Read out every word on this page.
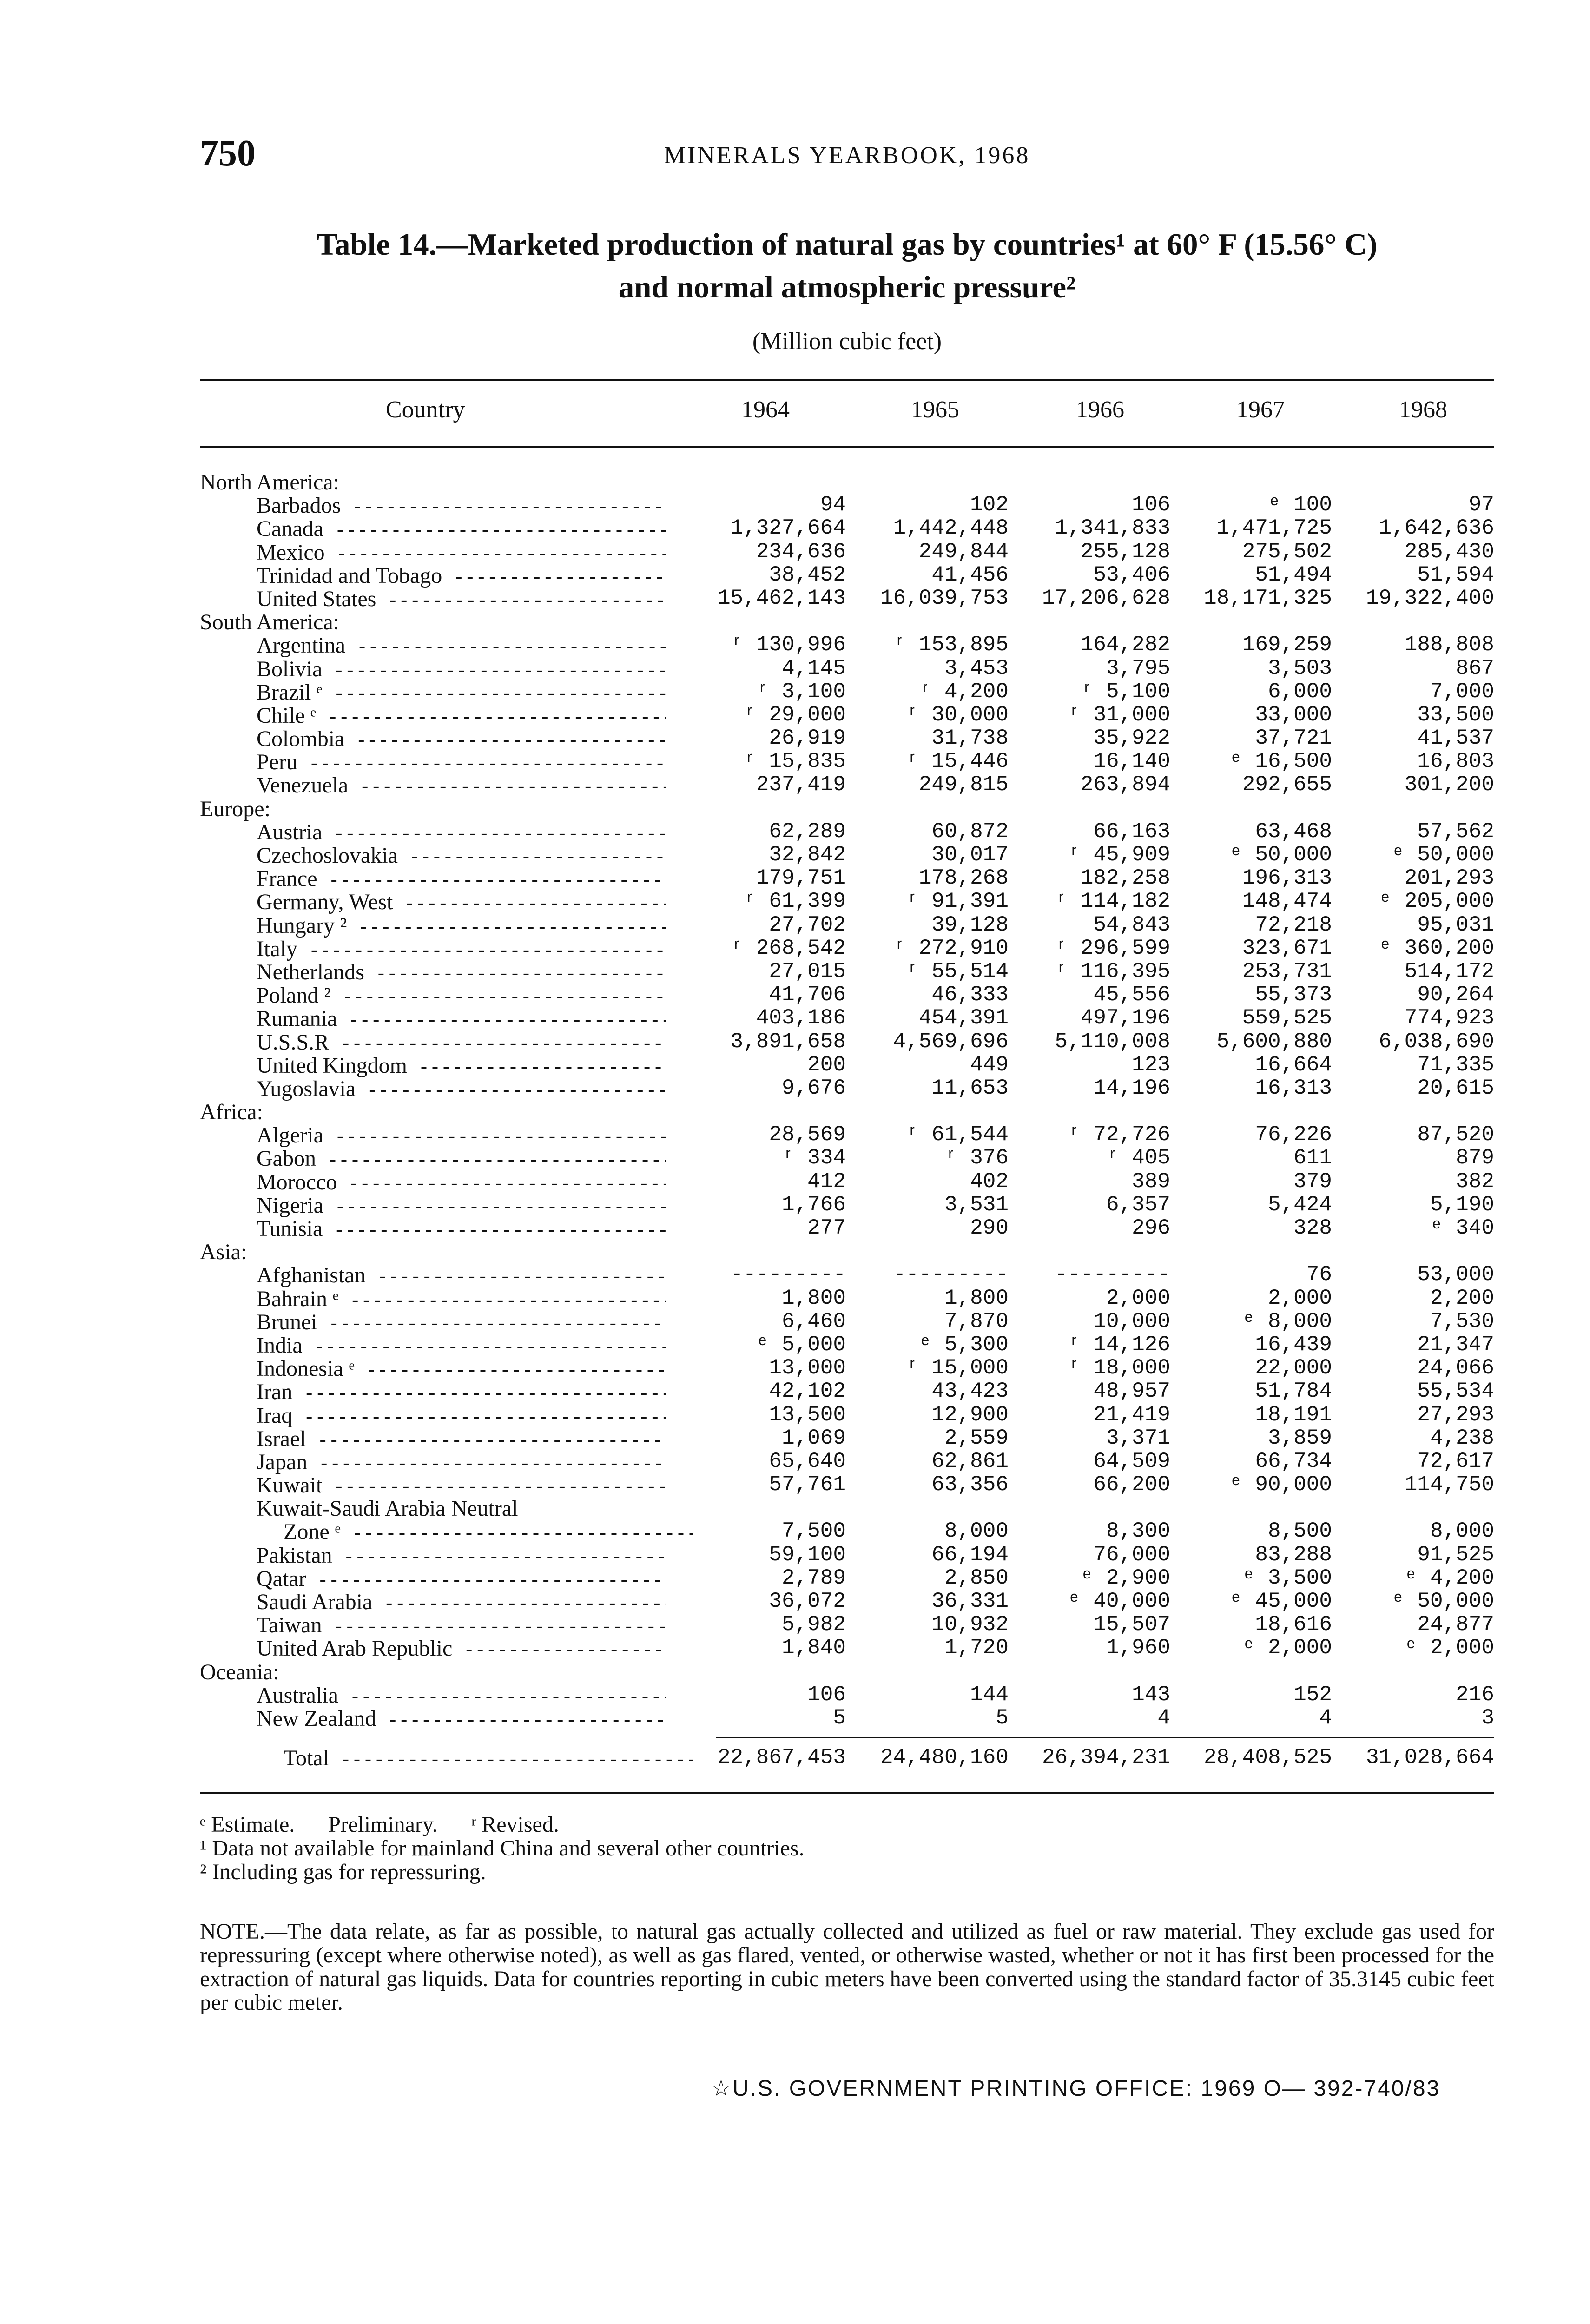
750	MINERALS YEARBOOK, 1968
Table 14.—Marketed production of natural gas by countries¹ at 60° F (15.56° C)
and normal atmospheric pressure²
(Million cubic feet)
Country	1964	1965	1966	1967	1968
North America:
Barbados -----	94	102	106	ᵉ 100	97
Canada -----	1,327,664	1,442,448	1,341,833	1,471,725	1,642,636
Mexico -----	234,636	249,844	255,128	275,502	285,430
Trinidad and Tobago -----	38,452	41,456	53,406	51,494	51,594
United States -----	15,462,143	16,039,753	17,206,628	18,171,325	19,322,400
South America:
Argentina -----	ʳ 130,996	ʳ 153,895	164,282	169,259	188,808
Bolivia -----	4,145	3,453	3,795	3,503	867
Brazil ᵉ -----	ʳ 3,100	ʳ 4,200	ʳ 5,100	6,000	7,000
Chile ᵉ -----	ʳ 29,000	ʳ 30,000	ʳ 31,000	33,000	33,500
Colombia -----	26,919	31,738	35,922	37,721	41,537
Peru -----	ʳ 15,835	ʳ 15,446	16,140	ᵉ 16,500	16,803
Venezuela -----	237,419	249,815	263,894	292,655	301,200
Europe:
Austria -----	62,289	60,872	66,163	63,468	57,562
Czechoslovakia -----	32,842	30,017	ʳ 45,909	ᵉ 50,000	ᵉ 50,000
France -----	179,751	178,268	182,258	196,313	201,293
Germany, West -----	ʳ 61,399	ʳ 91,391	ʳ 114,182	148,474	ᵉ 205,000
Hungary ² -----	27,702	39,128	54,843	72,218	95,031
Italy -----	ʳ 268,542	ʳ 272,910	ʳ 296,599	323,671	ᵉ 360,200
Netherlands -----	27,015	ʳ 55,514	ʳ 116,395	253,731	514,172
Poland ² -----	41,706	46,333	45,556	55,373	90,264
Rumania -----	403,186	454,391	497,196	559,525	774,923
U.S.S.R -----	3,891,658	4,569,696	5,110,008	5,600,880	6,038,690
United Kingdom -----	200	449	123	16,664	71,335
Yugoslavia -----	9,676	11,653	14,196	16,313	20,615
Africa:
Algeria -----	28,569	ʳ 61,544	ʳ 72,726	76,226	87,520
Gabon -----	ʳ 334	ʳ 376	ʳ 405	611	879
Morocco -----	412	402	389	379	382
Nigeria -----	1,766	3,531	6,357	5,424	5,190
Tunisia -----	277	290	296	328	ᵉ 340
Asia:
Afghanistan -----	---------	---------	---------	76	53,000
Bahrain ᵉ -----	1,800	1,800	2,000	2,000	2,200
Brunei -----	6,460	7,870	10,000	ᵉ 8,000	7,530
India -----	ᵉ 5,000	ᵉ 5,300	ʳ 14,126	16,439	21,347
Indonesia ᵉ -----	13,000	ʳ 15,000	ʳ 18,000	22,000	24,066
Iran -----	42,102	43,423	48,957	51,784	55,534
Iraq -----	13,500	12,900	21,419	18,191	27,293
Israel -----	1,069	2,559	3,371	3,859	4,238
Japan -----	65,640	62,861	64,509	66,734	72,617
Kuwait -----	57,761	63,356	66,200	ᵉ 90,000	114,750
Kuwait-Saudi Arabia Neutral
Zone ᵉ -----	7,500	8,000	8,300	8,500	8,000
Pakistan -----	59,100	66,194	76,000	83,288	91,525
Qatar -----	2,789	2,850	ᵉ 2,900	ᵉ 3,500	ᵉ 4,200
Saudi Arabia -----	36,072	36,331	ᵉ 40,000	ᵉ 45,000	ᵉ 50,000
Taiwan -----	5,982	10,932	15,507	18,616	24,877
United Arab Republic -----	1,840	1,720	1,960	ᵉ 2,000	ᵉ 2,000
Oceania:
Australia -----	106	144	143	152	216
New Zealand -----	5	5	4	4	3
Total -----	22,867,453	24,480,160	26,394,231	28,408,525	31,028,664
ᵉ Estimate.      Preliminary.      ʳ Revised.
¹ Data not available for mainland China and several other countries.
² Including gas for repressuring.
NOTE.—The data relate, as far as possible, to natural gas actually collected and utilized as fuel or raw material. They exclude gas used for repressuring (except where otherwise noted), as well as gas flared, vented, or otherwise wasted, whether or not it has first been processed for the extraction of natural gas liquids. Data for countries reporting in cubic meters have been converted using the standard factor of 35.3145 cubic feet per cubic meter.
☆U.S. GOVERNMENT PRINTING OFFICE: 1969 O— 392-740/83
